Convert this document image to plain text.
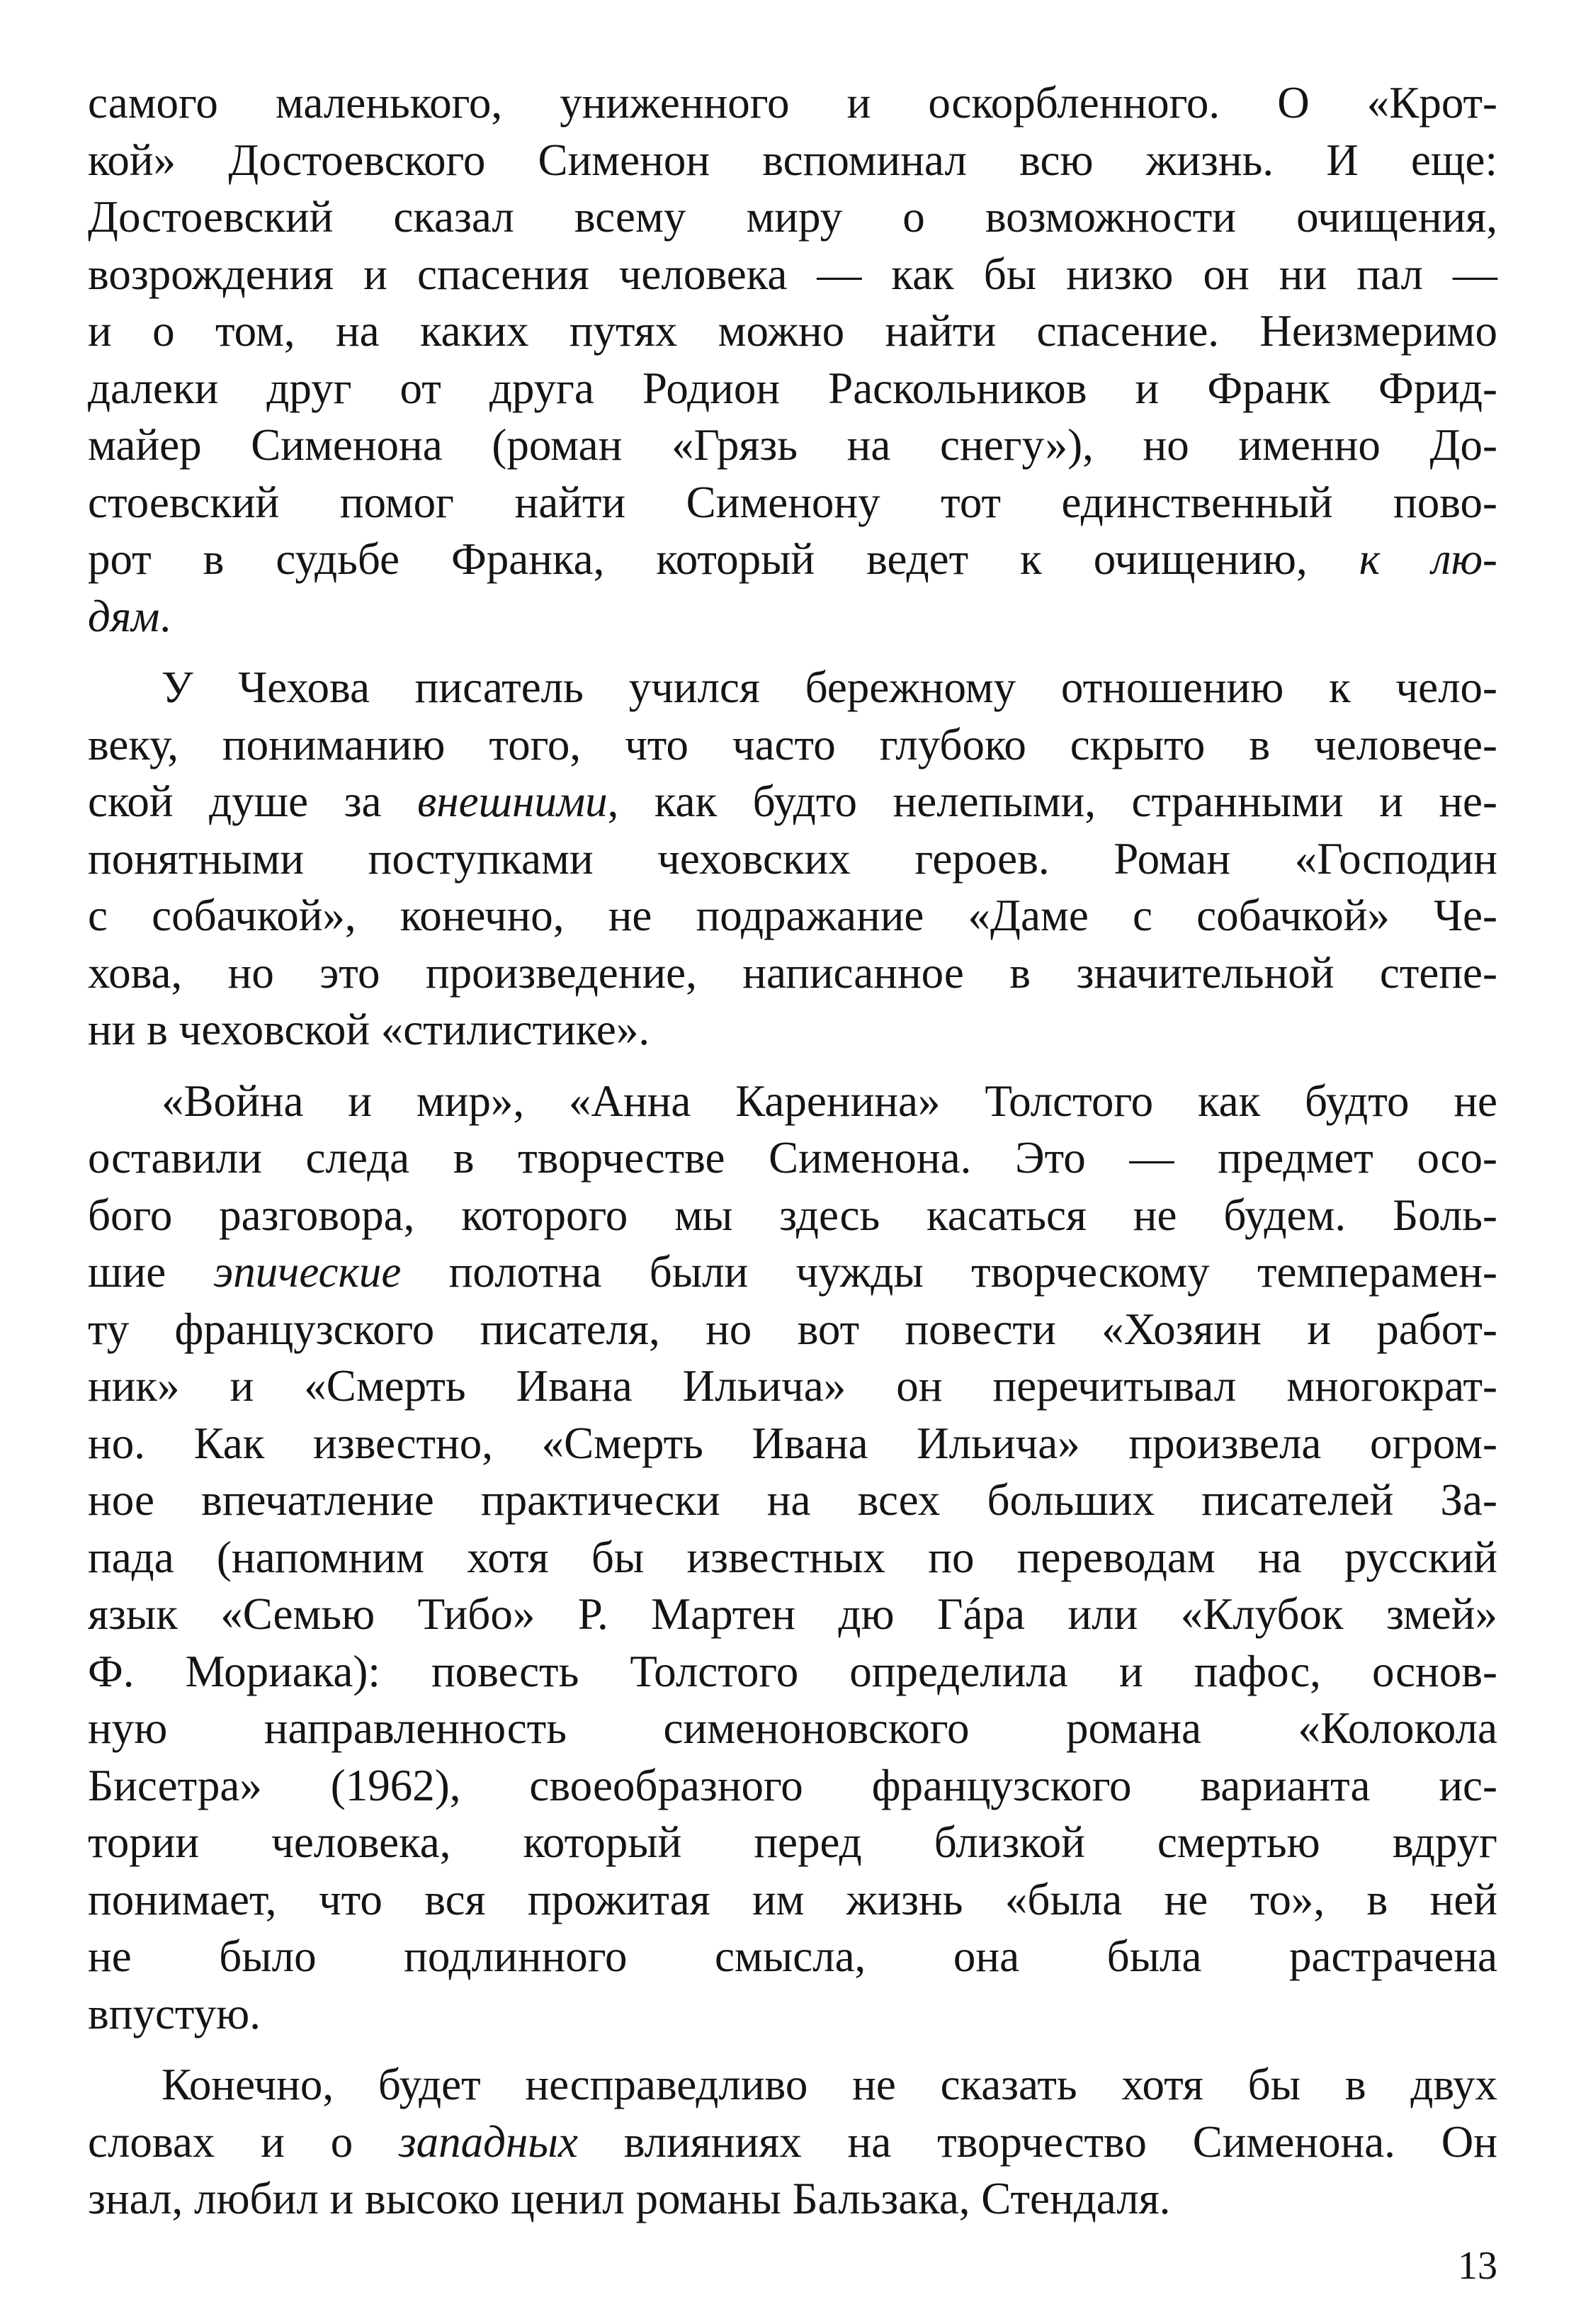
самого маленького, униженного и оскорбленного. О «Крот-
кой» Достоевского Сименон вспоминал всю жизнь. И еще:
Достоевский сказал всему миру о возможности очищения,
возрождения и спасения человека — как бы низко он ни пал —
и о том, на каких путях можно найти спасение. Неизмеримо
далеки друг от друга Родион Раскольников и Франк Фрид-
майер Сименона (роман «Грязь на снегу»), но именно До-
стоевский помог найти Сименону тот единственный пово-
рот в судьбе Франка, который ведет к очищению, к лю-
дям.

У Чехова писатель учился бережному отношению к чело-
веку, пониманию того, что часто глубоко скрыто в человече-
ской душе за внешними, как будто нелепыми, странными и не-
понятными поступками чеховских героев. Роман «Господин
с собачкой», конечно, не подражание «Даме с собачкой» Че-
хова, но это произведение, написанное в значительной степе-
ни в чеховской «стилистике».

«Война и мир», «Анна Каренина» Толстого как будто не
оставили следа в творчестве Сименона. Это — предмет осо-
бого разговора, которого мы здесь касаться не будем. Боль-
шие эпические полотна были чужды творческому темперамен-
ту французского писателя, но вот повести «Хозяин и работ-
ник» и «Смерть Ивана Ильича» он перечитывал многократ-
но. Как известно, «Смерть Ивана Ильича» произвела огром-
ное впечатление практически на всех больших писателей За-
пада (напомним хотя бы известных по переводам на русский
язык «Семью Тибо» Р. Мартен дю Гáра или «Клубок змей»
Ф. Мориака): повесть Толстого определила и пафос, основ-
ную направленность сименоновского романа «Колокола
Бисетра» (1962), своеобразного французского варианта ис-
тории человека, который перед близкой смертью вдруг
понимает, что вся прожитая им жизнь «была не то», в ней
не было подлинного смысла, она была растрачена
впустую.

Конечно, будет несправедливо не сказать хотя бы в двух
словах и о западных влияниях на творчество Сименона. Он
знал, любил и высоко ценил романы Бальзака, Стендаля.

13
